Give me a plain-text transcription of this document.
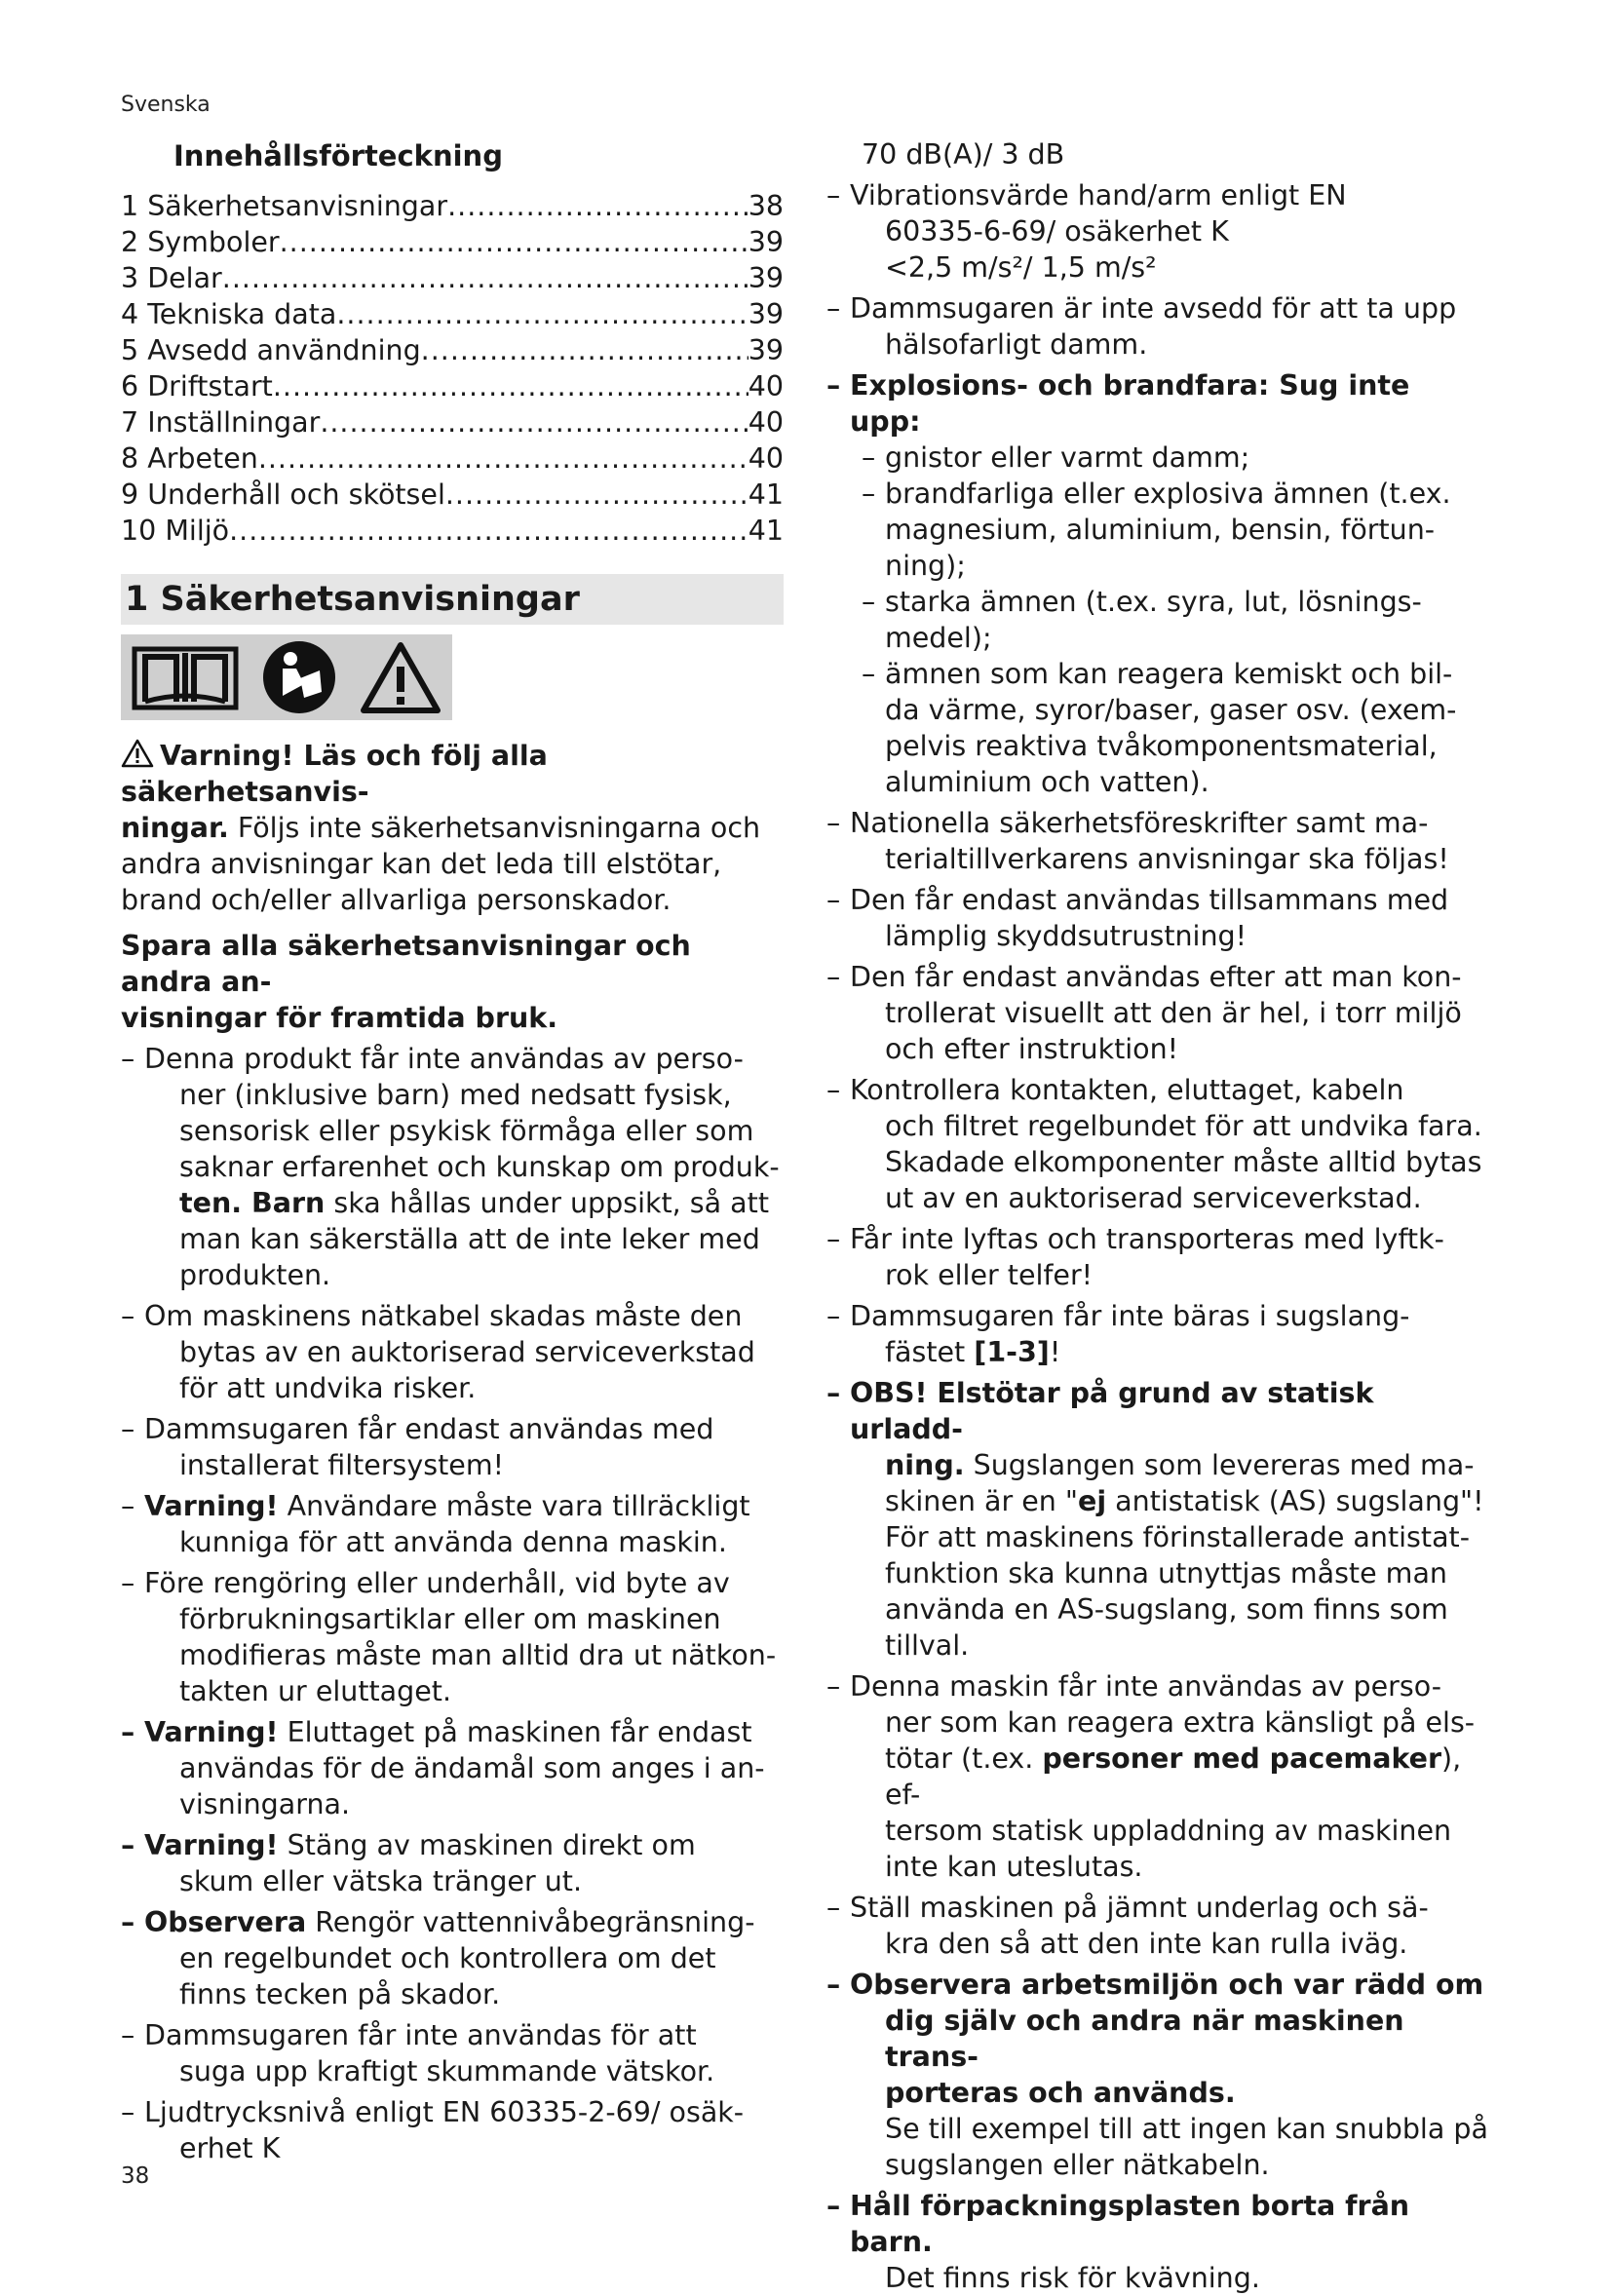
Svenska
Innehållsförteckning
1 Säkerhetsanvisningar .....	38
2 Symboler .....	39
3 Delar .....	39
4 Tekniska data .....	39
5 Avsedd användning .....	39
6 Driftstart .....	40
7 Inställningar .....	40
8 Arbeten .....	40
9 Underhåll och skötsel .....	41
10 Miljö .....	41
1 Säkerhetsanvisningar

Varning! Läs och följ alla säkerhetsanvis-

ningar. Följs inte säkerhetsanvisningarna och

andra anvisningar kan det leda till elstötar,

brand och/eller allvarliga personskador.

Spara alla säkerhetsanvisningar och andra an-

visningar för framtida bruk.

– Denna produkt får inte användas av perso-

ner (inklusive barn) med nedsatt fysisk,

sensorisk eller psykisk förmåga eller som

saknar erfarenhet och kunskap om produk-

ten. Barn ska hållas under uppsikt, så att

man kan säkerställa att de inte leker med

produkten.

– Om maskinens nätkabel skadas måste den

bytas av en auktoriserad serviceverkstad

för att undvika risker.

– Dammsugaren får endast användas med

installerat filtersystem!

– Varning! Användare måste vara tillräckligt

kunniga för att använda denna maskin.

– Före rengöring eller underhåll, vid byte av

förbrukningsartiklar eller om maskinen

modifieras måste man alltid dra ut nätkon-

takten ur eluttaget.

– Varning! Eluttaget på maskinen får endast

användas för de ändamål som anges i an-

visningarna.

– Varning! Stäng av maskinen direkt om

skum eller vätska tränger ut.

– Observera Rengör vattennivåbegränsning-

en regelbundet och kontrollera om det

finns tecken på skador.

– Dammsugaren får inte användas för att

suga upp kraftigt skummande vätskor.

– Ljudtrycksnivå enligt EN 60335-2-69/ osäk-

erhet K

70 dB(A)/ 3 dB

– Vibrationsvärde hand/arm enligt EN

60335-6-69/ osäkerhet K

<2,5 m/s²/ 1,5 m/s²

– Dammsugaren är inte avsedd för att ta upp

hälsofarligt damm.

– Explosions- och brandfara: Sug inte upp:

– gnistor eller varmt damm;

– brandfarliga eller explosiva ämnen (t.ex.

magnesium, aluminium, bensin, förtun-

ning);

– starka ämnen (t.ex. syra, lut, lösnings-

medel);

– ämnen som kan reagera kemiskt och bil-

da värme, syror/baser, gaser osv. (exem-

pelvis reaktiva tvåkomponentsmaterial,

aluminium och vatten).

– Nationella säkerhetsföreskrifter samt ma-

terialtillverkarens anvisningar ska följas!

– Den får endast användas tillsammans med

lämplig skyddsutrustning!

– Den får endast användas efter att man kon-

trollerat visuellt att den är hel, i torr miljö

och efter instruktion!

– Kontrollera kontakten, eluttaget, kabeln

och filtret regelbundet för att undvika fara.

Skadade elkomponenter måste alltid bytas

ut av en auktoriserad serviceverkstad.

– Får inte lyftas och transporteras med lyftk-

rok eller telfer!

– Dammsugaren får inte bäras i sugslang-

fästet [1-3]!

– OBS! Elstötar på grund av statisk urladd-

ning. Sugslangen som levereras med ma-

skinen är en "ej antistatisk (AS) sugslang"!

För att maskinens förinstallerade antistat-

funktion ska kunna utnyttjas måste man

använda en AS-sugslang, som finns som

tillval.

– Denna maskin får inte användas av perso-

ner som kan reagera extra känsligt på els-

tötar (t.ex. personer med pacemaker), ef-

tersom statisk uppladdning av maskinen

inte kan uteslutas.

– Ställ maskinen på jämnt underlag och sä-

kra den så att den inte kan rulla iväg.

– Observera arbetsmiljön och var rädd om

dig själv och andra när maskinen trans-

porteras och används.

Se till exempel till att ingen kan snubbla på

sugslangen eller nätkabeln.

– Håll förpackningsplasten borta från barn.

Det finns risk för kvävning.

38
